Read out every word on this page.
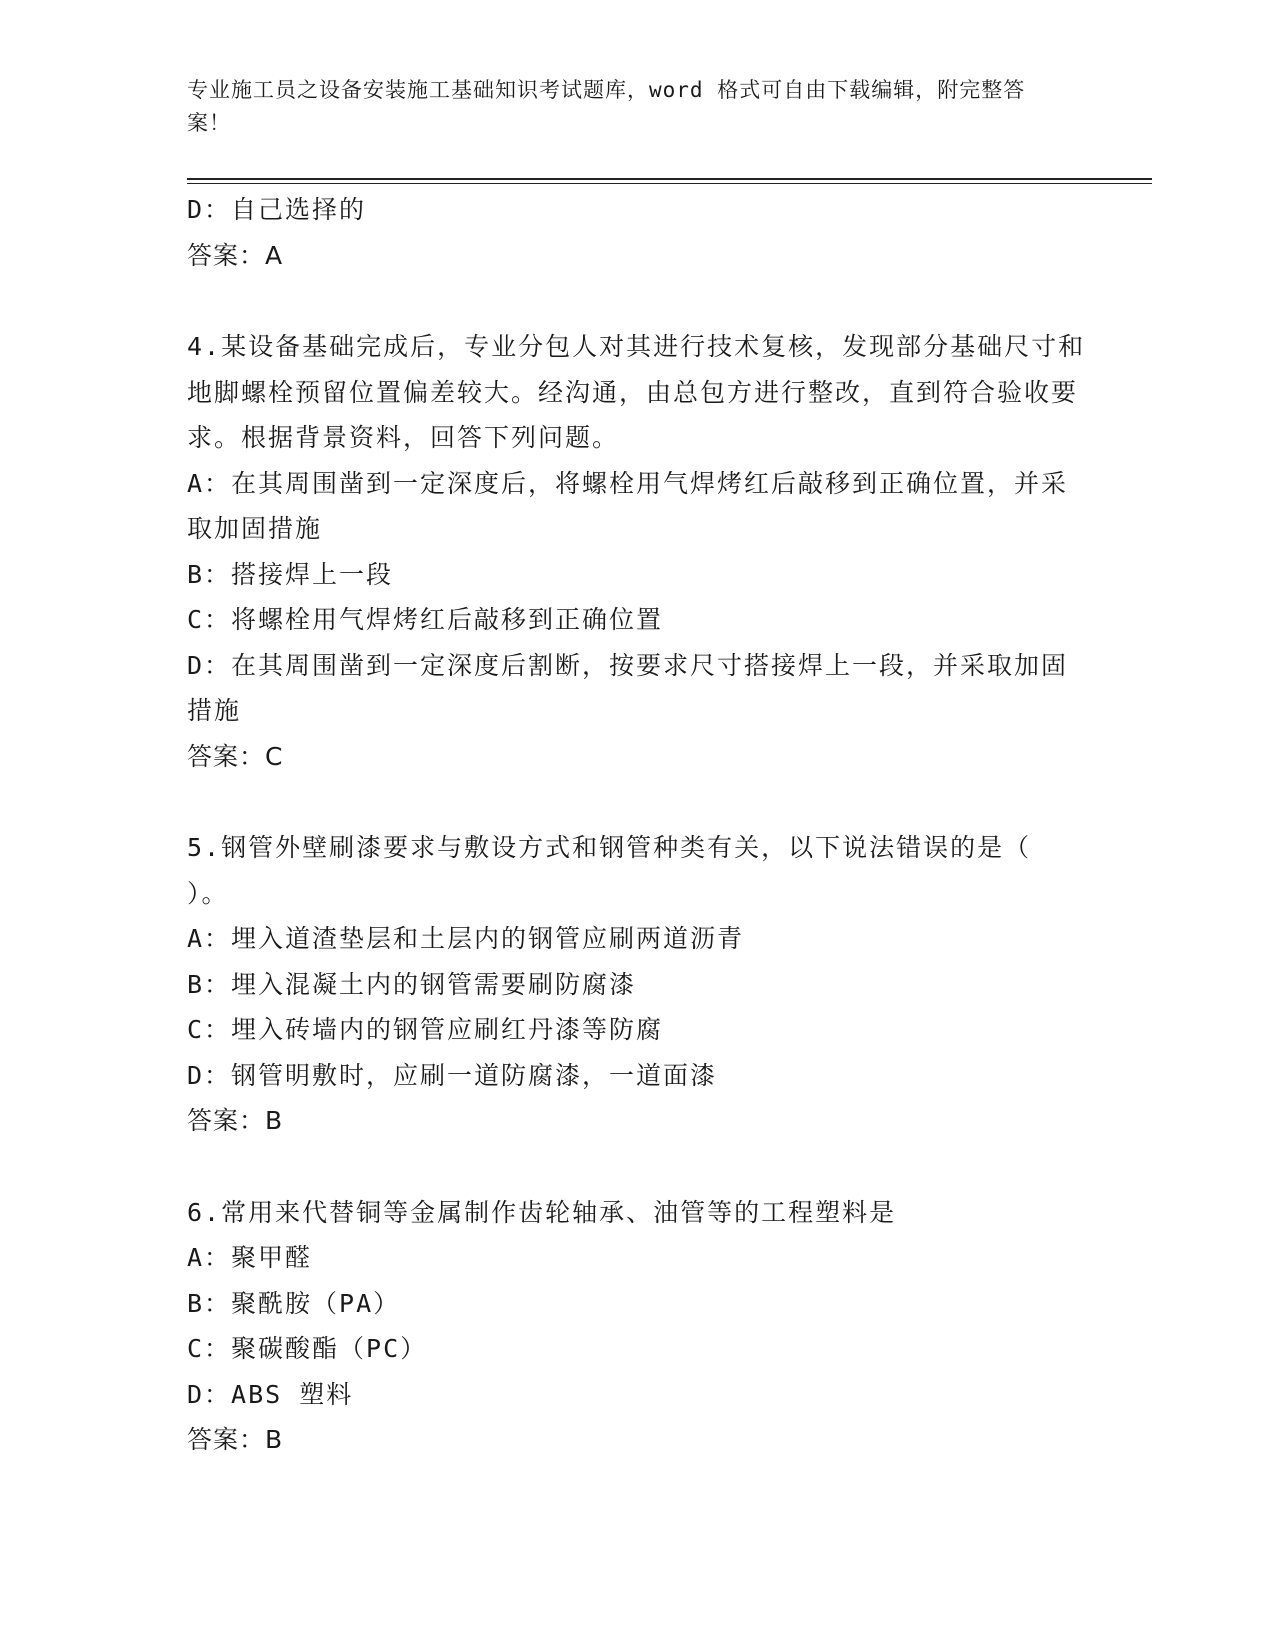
专业施工员之设备安装施工基础知识考试题库，word 格式可自由下载编辑，附完整答案！

D：自己选择的

答案：A

4.某设备基础完成后，专业分包人对其进行技术复核，发现部分基础尺寸和地脚螺栓预留位置偏差较大。经沟通，由总包方进行整改，直到符合验收要求。根据背景资料，回答下列问题。

A：在其周围凿到一定深度后，将螺栓用气焊烤红后敲移到正确位置，并采取加固措施

B：搭接焊上一段

C：将螺栓用气焊烤红后敲移到正确位置

D：在其周围凿到一定深度后割断，按要求尺寸搭接焊上一段，并采取加固措施

答案：C

5.钢管外壁刷漆要求与敷设方式和钢管种类有关，以下说法错误的是（ ）。

A：埋入道渣垫层和土层内的钢管应刷两道沥青

B：埋入混凝土内的钢管需要刷防腐漆

C：埋入砖墙内的钢管应刷红丹漆等防腐

D：钢管明敷时，应刷一道防腐漆，一道面漆

答案：B

6.常用来代替铜等金属制作齿轮轴承、油管等的工程塑料是

A：聚甲醛

B：聚酰胺（PA）

C：聚碳酸酯（PC）

D：ABS 塑料

答案：B
